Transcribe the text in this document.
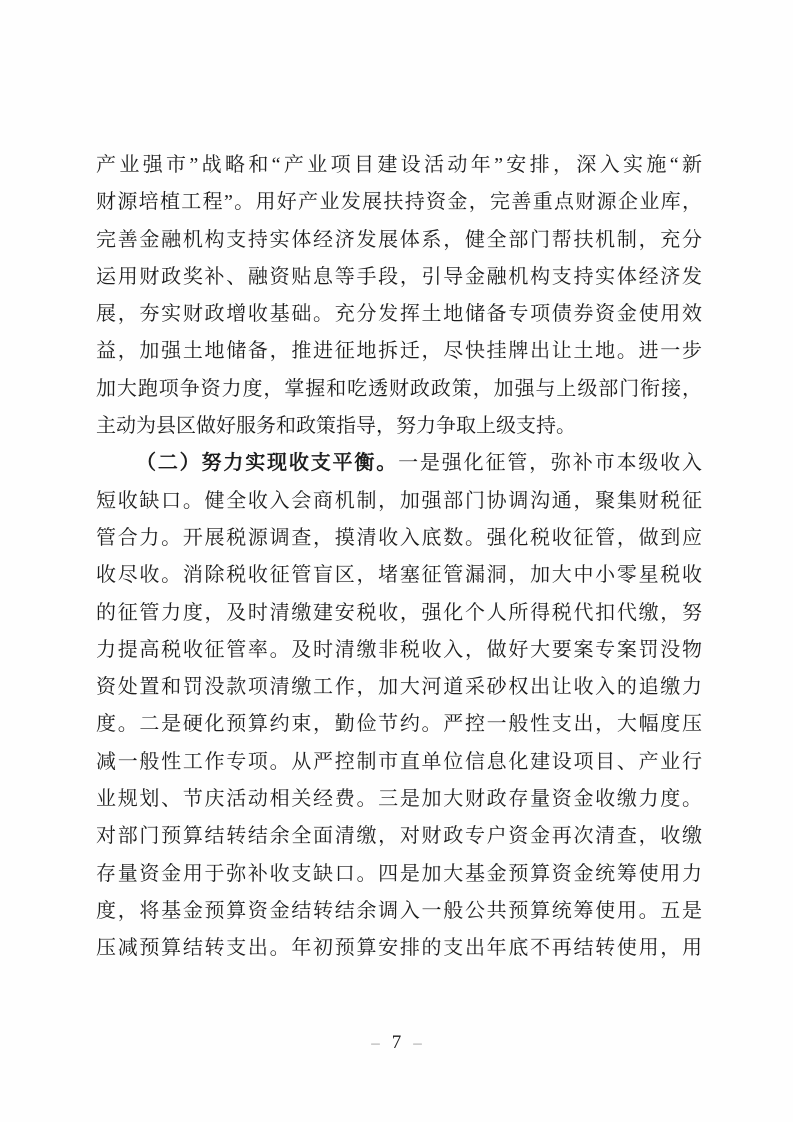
产业强市”战略和“产业项目建设活动年”安排，深入实施“新
财源培植工程”。用好产业发展扶持资金，完善重点财源企业库，
完善金融机构支持实体经济发展体系，健全部门帮扶机制，充分
运用财政奖补、融资贴息等手段，引导金融机构支持实体经济发
展，夯实财政增收基础。充分发挥土地储备专项债券资金使用效
益，加强土地储备，推进征地拆迁，尽快挂牌出让土地。进一步
加大跑项争资力度，掌握和吃透财政政策，加强与上级部门衔接，
主动为县区做好服务和政策指导，努力争取上级支持。
（二）努力实现收支平衡。一是强化征管，弥补市本级收入
短收缺口。健全收入会商机制，加强部门协调沟通，聚集财税征
管合力。开展税源调查，摸清收入底数。强化税收征管，做到应
收尽收。消除税收征管盲区，堵塞征管漏洞，加大中小零星税收
的征管力度，及时清缴建安税收，强化个人所得税代扣代缴，努
力提高税收征管率。及时清缴非税收入，做好大要案专案罚没物
资处置和罚没款项清缴工作，加大河道采砂权出让收入的追缴力
度。二是硬化预算约束，勤俭节约。严控一般性支出，大幅度压
减一般性工作专项。从严控制市直单位信息化建设项目、产业行
业规划、节庆活动相关经费。三是加大财政存量资金收缴力度。
对部门预算结转结余全面清缴，对财政专户资金再次清查，收缴
存量资金用于弥补收支缺口。四是加大基金预算资金统筹使用力
度，将基金预算资金结转结余调入一般公共预算统筹使用。五是
压减预算结转支出。年初预算安排的支出年底不再结转使用，用
– 7 –
